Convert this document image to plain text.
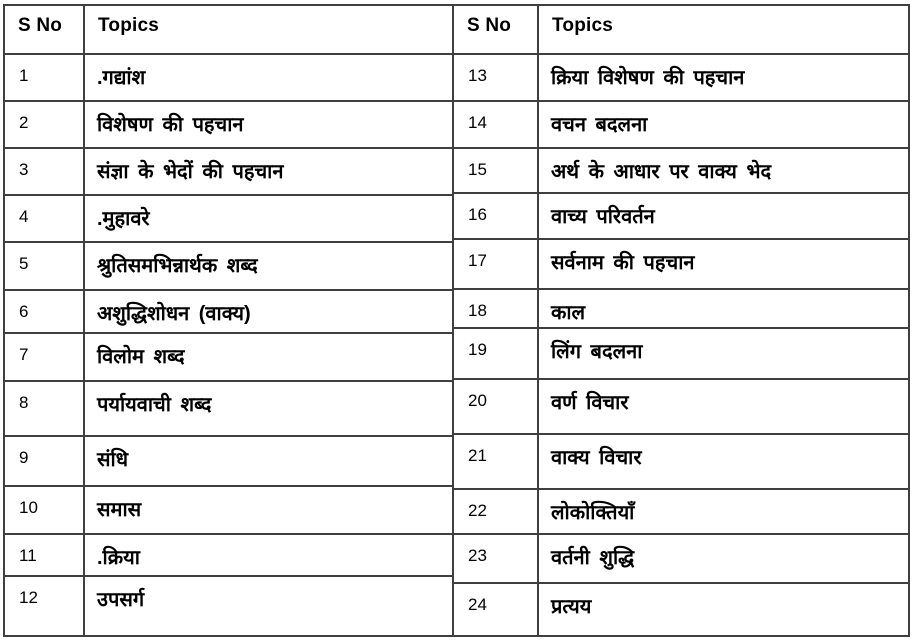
S No	Topics
1	.गद्यांश
2	विशेषण की पहचान
3	संज्ञा के भेदों की पहचान
4	.मुहावरे
5	श्रुतिसमभिन्नार्थक शब्द
6	अशुद्धिशोधन (वाक्य)
7	विलोम शब्द
8	पर्यायवाची शब्द
9	संधि
10	समास
11	.क्रिया
12	उपसर्ग
S No	Topics
13	क्रिया विशेषण की पहचान
14	वचन बदलना
15	अर्थ के आधार पर वाक्य भेद
16	वाच्य परिवर्तन
17	सर्वनाम की पहचान
18	काल
19	लिंग बदलना
20	वर्ण विचार
21	वाक्य विचार
22	लोकोक्तियाँ
23	वर्तनी शुद्धि
24	प्रत्यय
